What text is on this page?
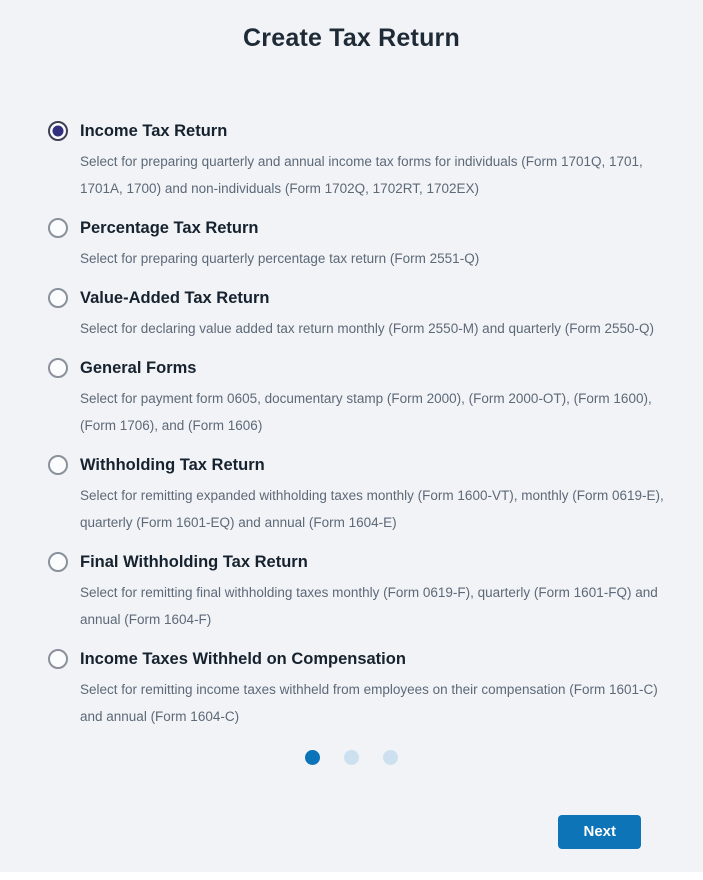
Create Tax Return
Income Tax Return
Select for preparing quarterly and annual income tax forms for individuals (Form 1701Q, 1701, 1701A, 1700) and non-individuals (Form 1702Q, 1702RT, 1702EX)
Percentage Tax Return
Select for preparing quarterly percentage tax return (Form 2551-Q)
Value-Added Tax Return
Select for declaring value added tax return monthly (Form 2550-M) and quarterly (Form 2550-Q)
General Forms
Select for payment form 0605, documentary stamp (Form 2000), (Form 2000-OT), (Form 1600), (Form 1706), and (Form 1606)
Withholding Tax Return
Select for remitting expanded withholding taxes monthly (Form 1600-VT), monthly (Form 0619-E), quarterly (Form 1601-EQ) and annual (Form 1604-E)
Final Withholding Tax Return
Select for remitting final withholding taxes monthly (Form 0619-F), quarterly (Form 1601-FQ) and annual (Form 1604-F)
Income Taxes Withheld on Compensation
Select for remitting income taxes withheld from employees on their compensation (Form 1601-C) and annual (Form 1604-C)
Next
